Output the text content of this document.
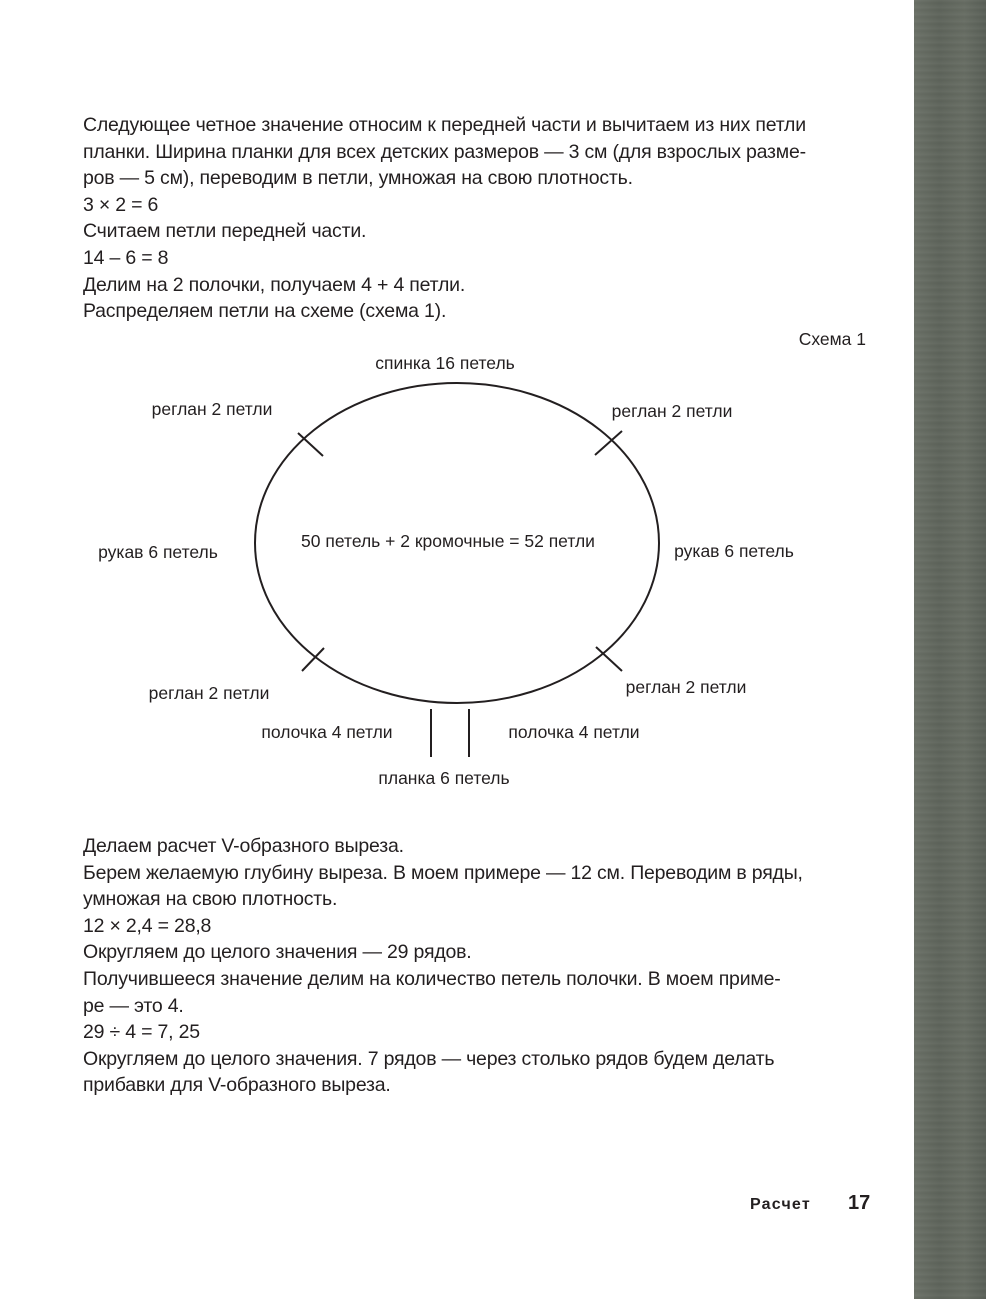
Следующее четное значение относим к передней части и вычитаем из них петли

планки. Ширина планки для всех детских размеров — 3 см (для взрослых разме-

ров — 5 см), переводим в петли, умножая на свою плотность.

3 × 2 = 6

Считаем петли передней части.

14 – 6 = 8

Делим на 2 полочки, получаем 4 + 4 петли.

Распределяем петли на схеме (схема 1).

Схема 1
спинка 16 петель
реглан 2 петли	реглан 2 петли
рукав 6 петель
50 петель + 2 кромочные = 52 петли	рукав 6 петель
реглан 2 петли	реглан 2 петли
полочка 4 петли	полочка 4 петли
планка 6 петель

Делаем расчет V-образного выреза.

Берем желаемую глубину выреза. В моем примере — 12 см. Переводим в ряды,

умножая на свою плотность.

12 × 2,4 = 28,8

Округляем до целого значения — 29 рядов.

Получившееся значение делим на количество петель полочки. В моем приме-

ре — это 4.

29 ÷ 4 = 7, 25

Округляем до целого значения. 7 рядов — через столько рядов будем делать

прибавки для V-образного выреза.

Расчет 17
